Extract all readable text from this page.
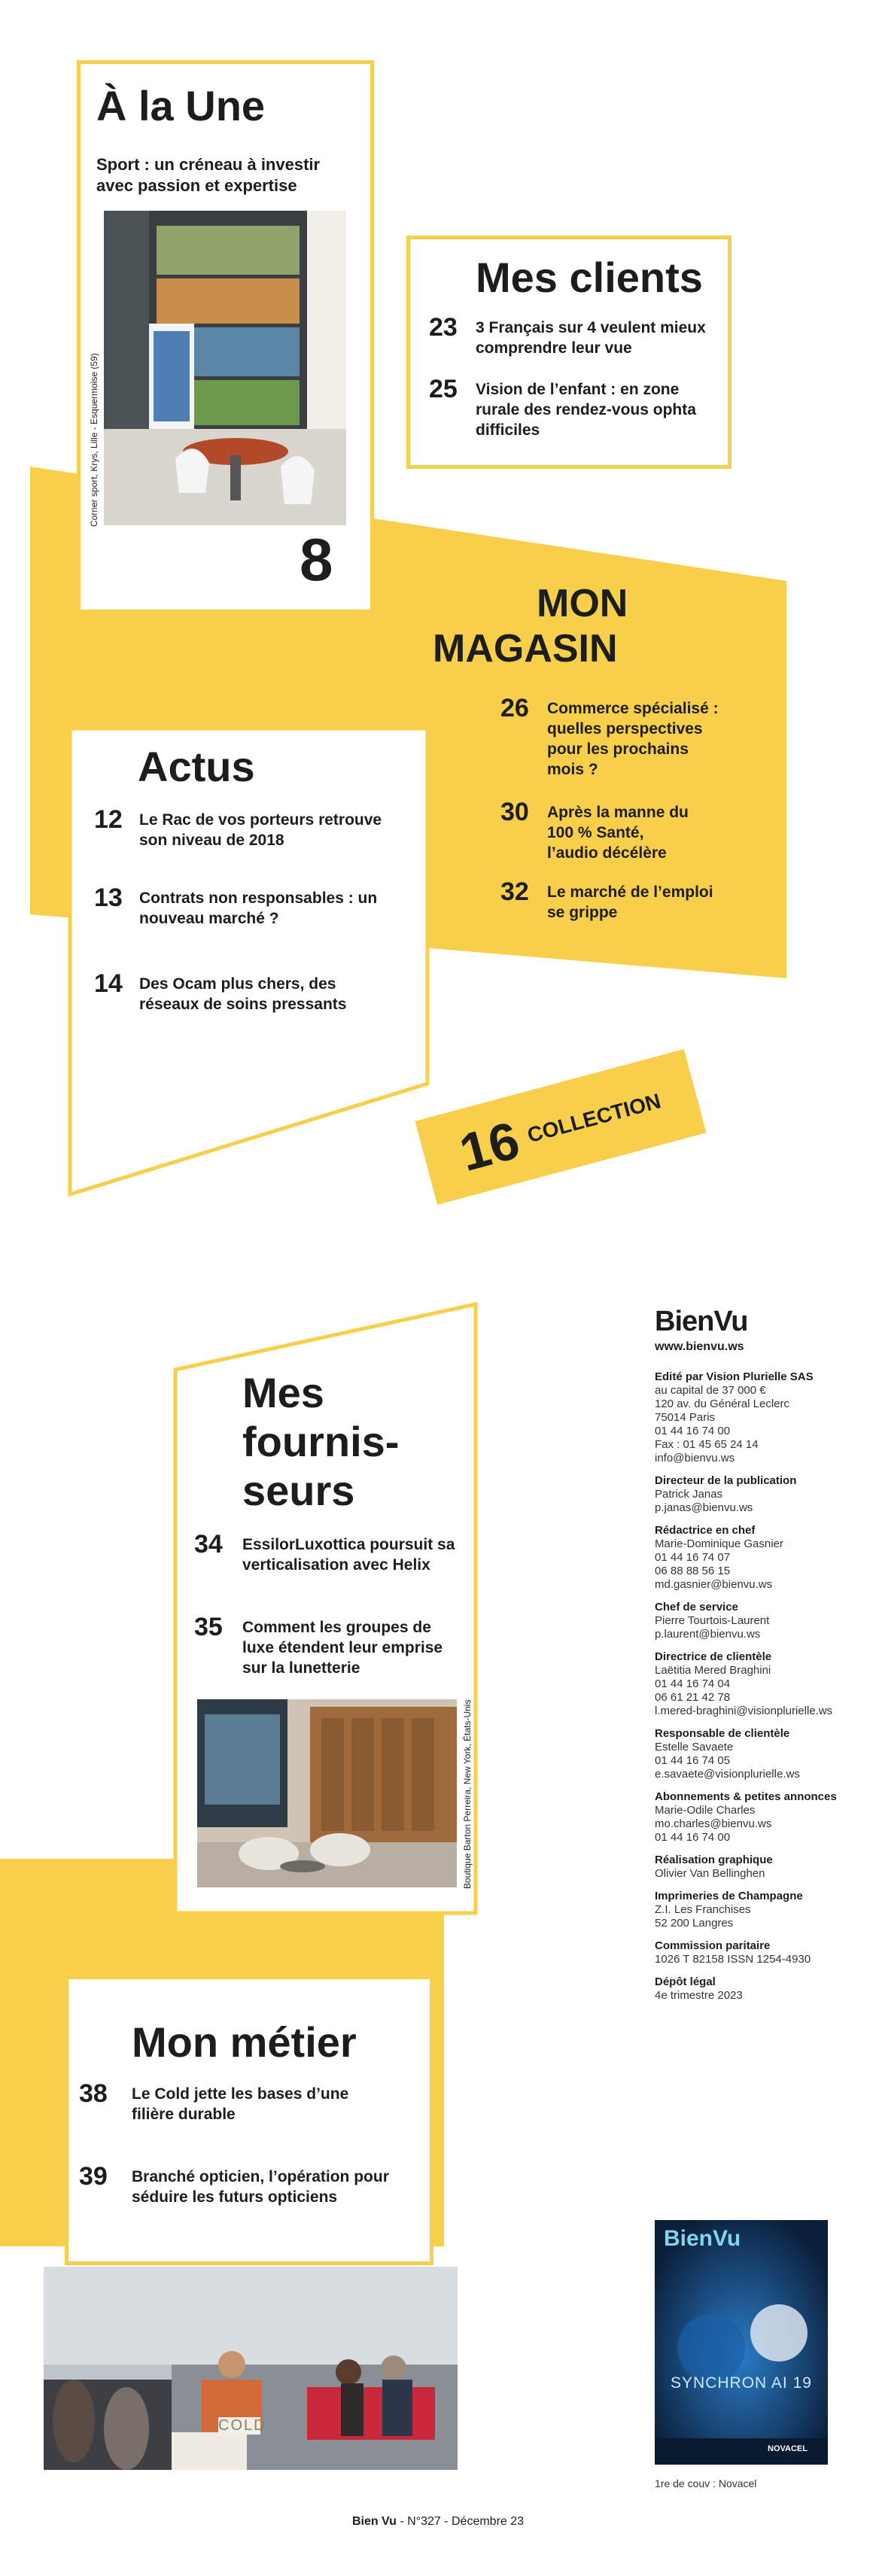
À la Une
Sport : un créneau à investir avec passion et expertise
Corner sport, Krys, Lille - Esquermoise (59)
8
Mes clients
23	3 Français sur 4 veulent mieux comprendre leur vue
25	Vision de l’enfant : en zone rurale des rendez-vous ophta difficiles
MON
MAGASIN
26	Commerce spécialisé : quelles perspectives pour les prochains mois ?
30	Après la manne du 100 % Santé, l’audio décélère
32	Le marché de l’emploi se grippe
Actus
12	Le Rac de vos porteurs retrouve son niveau de 2018
13	Contrats non responsables : un nouveau marché ?
14	Des Ocam plus chers, des réseaux de soins pressants
16 COLLECTION
Mes
fournis-
seurs
34	EssilorLuxottica poursuit sa verticalisation avec Helix
35	Comment les groupes de luxe étendent leur emprise sur la lunetterie
Boutique Barton Perreira, New York, États-Unis
Mon métier
38	Le Cold jette les bases d’une filière durable
39	Branché opticien, l’opération pour séduire les futurs opticiens
COLD
BienVu
www.bienvu.ws
Edité par Vision Plurielle SAS
au capital de 37 000 €
120 av. du Général Leclerc
75014 Paris
01 44 16 74 00
Fax : 01 45 65 24 14
info@bienvu.ws
Directeur de la publication
Patrick Janas
p.janas@bienvu.ws
Rédactrice en chef
Marie-Dominique Gasnier
01 44 16 74 07
06 88 88 56 15
md.gasnier@bienvu.ws
Chef de service
Pierre Tourtois-Laurent
p.laurent@bienvu.ws
Directrice de clientèle
Laëtitia Mered Braghini
01 44 16 74 04
06 61 21 42 78
l.mered-braghini@visionplurielle.ws
Responsable de clientèle
Estelle Savaete
01 44 16 74 05
e.savaete@visionplurielle.ws
Abonnements & petites annonces
Marie-Odile Charles
mo.charles@bienvu.ws
01 44 16 74 00
Réalisation graphique
Olivier Van Bellinghen
Imprimeries de Champagne
Z.I. Les Franchises
52 200 Langres
Commission paritaire
1026 T 82158 ISSN 1254-4930
Dépôt légal
4e trimestre 2023
BienVu
SYNCHRON AI 19
NOVACEL
1re de couv : Novacel
Bien Vu - N°327 - Décembre 23
